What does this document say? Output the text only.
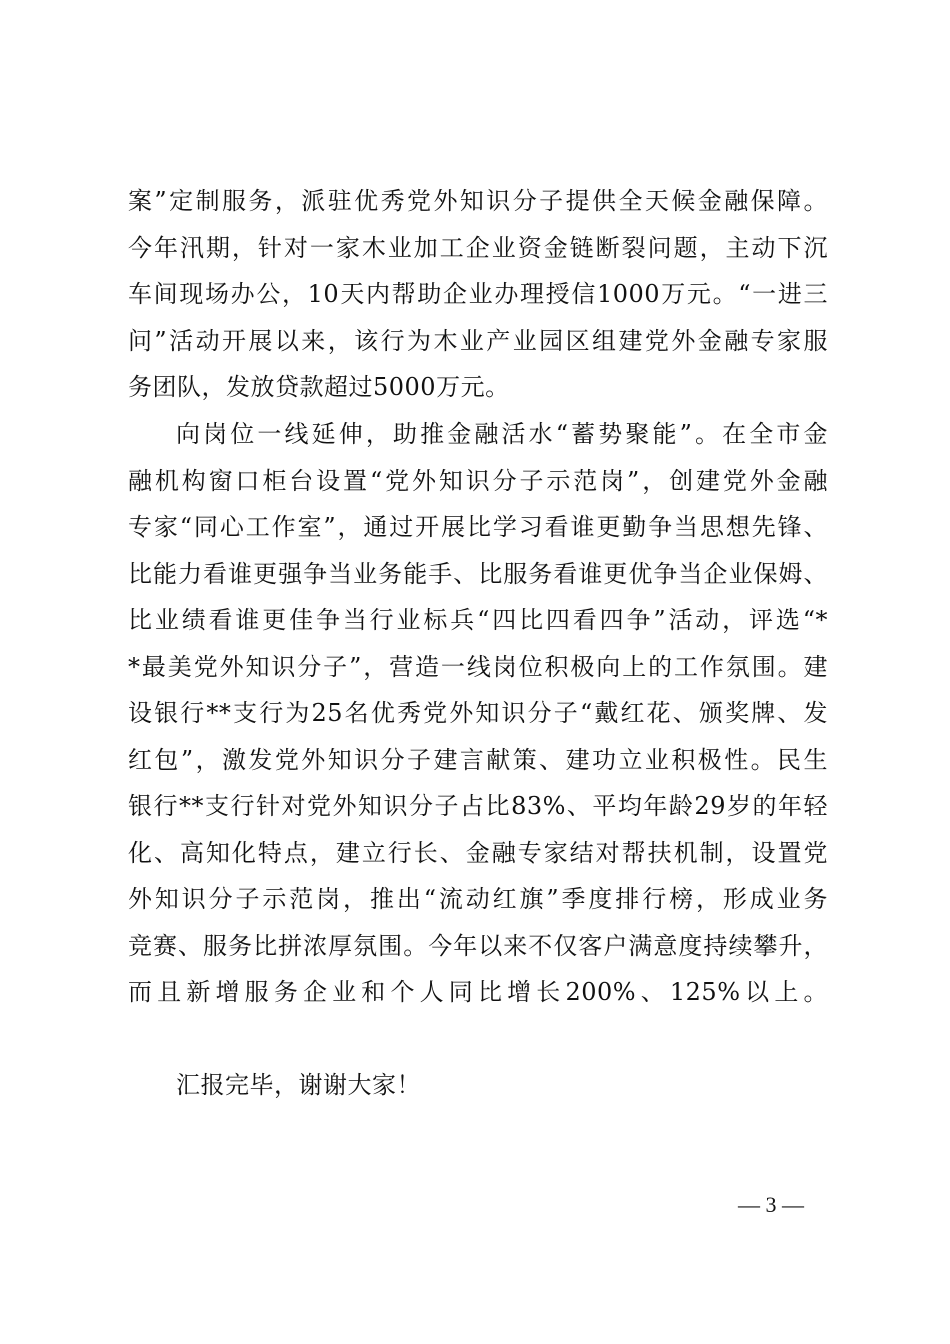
案”定制服务，派驻优秀党外知识分子提供全天候金融保障。
今年汛期，针对一家木业加工企业资金链断裂问题，主动下沉
车间现场办公，10天内帮助企业办理授信1000万元。“一进三
问”活动开展以来，该行为木业产业园区组建党外金融专家服
务团队，发放贷款超过5000万元。
向岗位一线延伸，助推金融活水“蓄势聚能”。在全市金
融机构窗口柜台设置“党外知识分子示范岗”，创建党外金融
专家“同心工作室”，通过开展比学习看谁更勤争当思想先锋、
比能力看谁更强争当业务能手、比服务看谁更优争当企业保姆、
比业绩看谁更佳争当行业标兵“四比四看四争”活动，评选“*
*最美党外知识分子”，营造一线岗位积极向上的工作氛围。建
设银行**支行为25名优秀党外知识分子“戴红花、颁奖牌、发
红包”，激发党外知识分子建言献策、建功立业积极性。民生
银行**支行针对党外知识分子占比83%、平均年龄29岁的年轻
化、高知化特点，建立行长、金融专家结对帮扶机制，设置党
外知识分子示范岗，推出“流动红旗”季度排行榜，形成业务
竞赛、服务比拼浓厚氛围。今年以来不仅客户满意度持续攀升，
而且新增服务企业和个人同比增长200%、125%以上。
汇报完毕，谢谢大家！
— 3 —
